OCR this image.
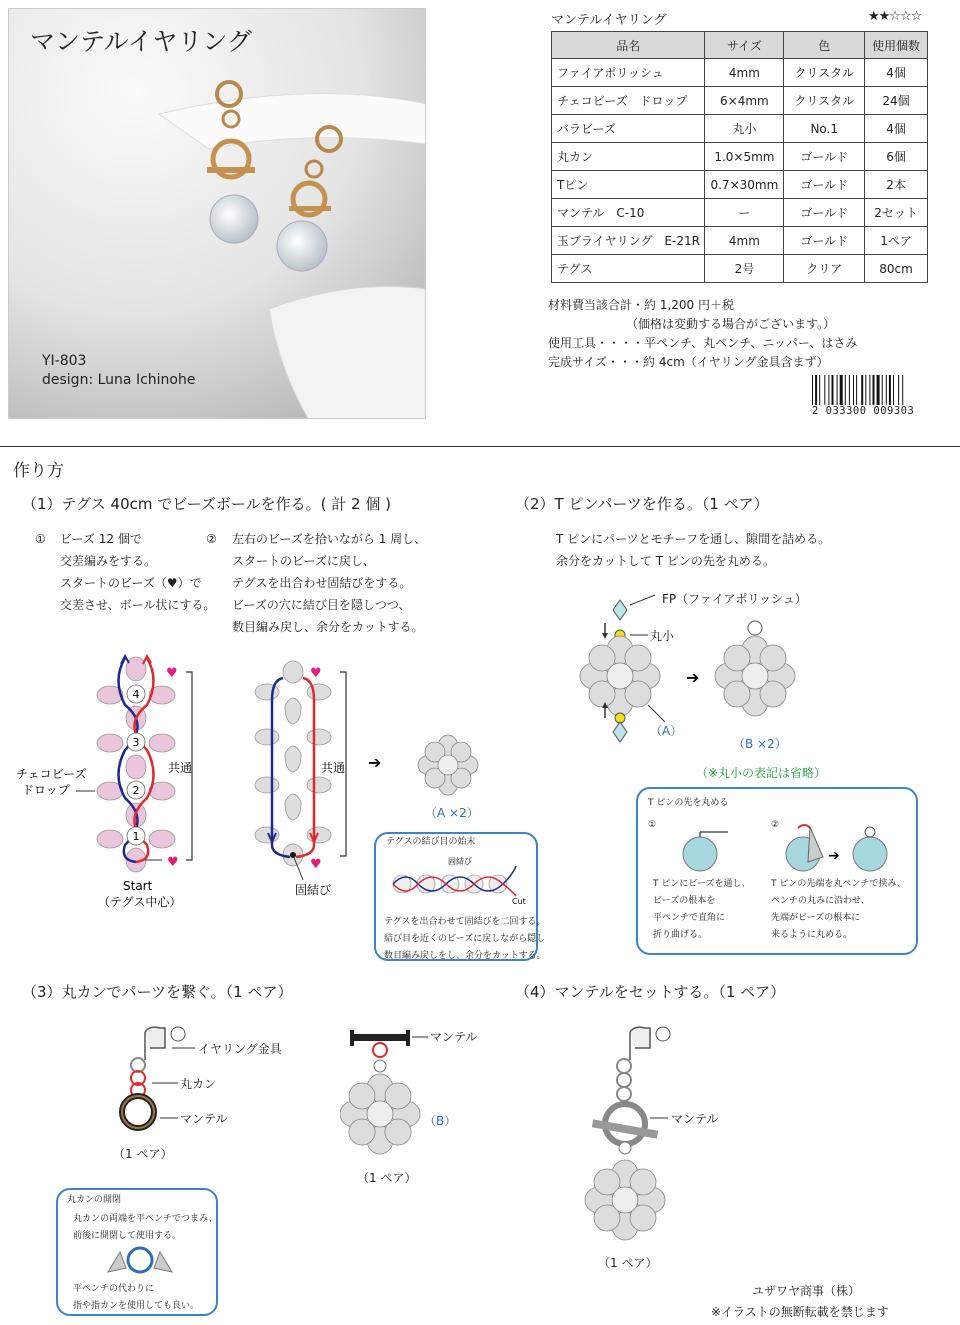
マンテルイヤリング
YI-803
design: Luna Ichinohe
マンテルイヤリング	★★☆☆☆
品名	サイズ	色	使用個数
ファイアポリッシュ	4mm	クリスタル	4個
チェコビーズ　ドロップ	6×4mm	クリスタル	24個
バラビーズ	丸小	No.1	4個
丸カン	1.0×5mm	ゴールド	6個
Tピン	0.7×30mm	ゴールド	2本
マンテル　C-10	ー	ゴールド	2セット
玉ブライヤリング　E-21R	4mm	ゴールド	1ペア
テグス	2号	クリア	80cm
材料費当該合計・約 1,200 円＋税
　　　　　　　（価格は変動する場合がございます。）
使用工具・・・・平ペンチ、丸ペンチ、ニッパー、はさみ
完成サイズ・・・約 4cm（イヤリング金具含まず）
2 033300 009303
作り方
（1）テグス 40cm でビーズボールを作る。( 計 2 個 )
① ビーズ 12 個で
交差編みをする。
スタートのビーズ（♥）で
交差させ、ボール状にする。
② 左右のビーズを拾いながら 1 周し、
スタートのビーズに戻し、
テグスを出合わせ固結びをする。
ビーズの穴に結び目を隠しつつ、
数目編み戻し、余分をカットする。
4
3
2
1
♥
♥
共通
チェコビーズ
ドロップ
Start
（テグス中心）
♥
♥
共通
固結び
➔
（A ×2）
テグスの結び目の始末
固結び
Cut
テグスを出合わせて固結びを二回する。
結び目を近くのビーズに戻しながら隠し
数目編み戻しをし、余分をカットする。
（2）T ピンパーツを作る。（1 ペア）
T ピンにパーツとモチーフを通し、隙間を詰める。
余分をカットして T ピンの先を丸める。
➔
FP（ファイアポリッシュ）
丸小
（A）
（B ×2）
（※丸小の表記は省略）
T ピンの先を丸める
①	②
➔
T ピンにビーズを通し、
ビーズの根本を
平ペンチで直角に
折り曲げる。
T ピンの先端を丸ペンチで挟み、
ペンチの丸みに沿わせ、
先端がビーズの根本に
来るように丸める。
（3）丸カンでパーツを繋ぐ。（1 ペア）
イヤリング金具
丸カン
マンテル
（1 ペア）
マンテル
（B）
（1 ペア）
丸カンの開閉
丸カンの両端を平ペンチでつまみ、
前後に開閉して使用する。
平ペンチの代わりに
指や指カンを使用しても良い。
（4）マンテルをセットする。（1 ペア）
マンテル
（1 ペア）
ユザワヤ商事（株）
※イラストの無断転載を禁じます
